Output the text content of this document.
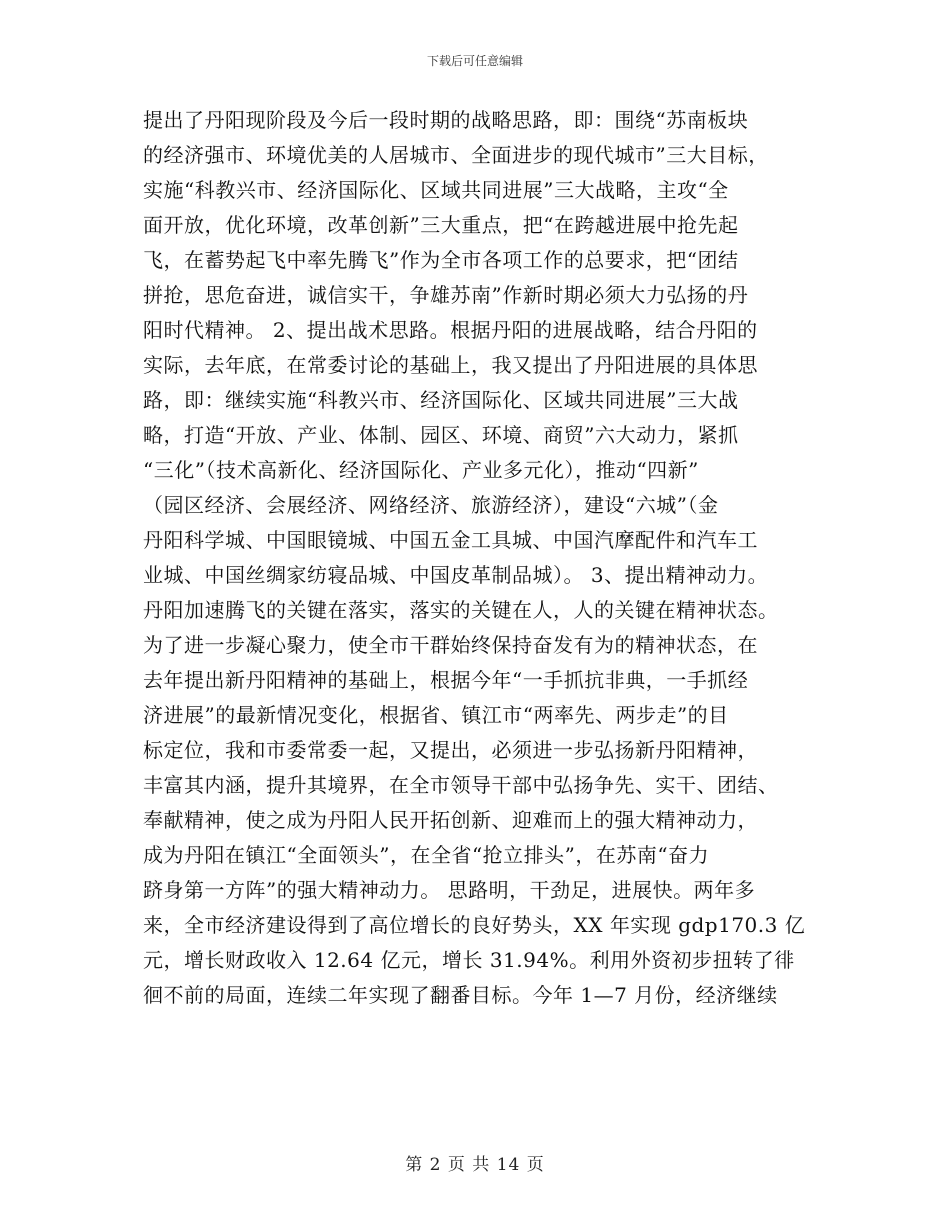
下载后可任意编辑
提出了丹阳现阶段及今后一段时期的战略思路，即：围绕“苏南板块
的经济强市、环境优美的人居城市、全面进步的现代城市”三大目标，
实施“科教兴市、经济国际化、区域共同进展”三大战略，主攻“全
面开放，优化环境，改革创新”三大重点，把“在跨越进展中抢先起
飞，在蓄势起飞中率先腾飞”作为全市各项工作的总要求，把“团结
拼抢，思危奋进，诚信实干，争雄苏南”作新时期必须大力弘扬的丹
阳时代精神。 2、提出战术思路。根据丹阳的进展战略，结合丹阳的
实际，去年底，在常委讨论的基础上，我又提出了丹阳进展的具体思
路，即：继续实施“科教兴市、经济国际化、区域共同进展”三大战
略，打造“开放、产业、体制、园区、环境、商贸”六大动力，紧抓
“三化”（技术高新化、经济国际化、产业多元化），推动“四新”
（园区经济、会展经济、网络经济、旅游经济），建设“六城”（金
丹阳科学城、中国眼镜城、中国五金工具城、中国汽摩配件和汽车工
业城、中国丝绸家纺寝品城、中国皮革制品城）。 3、提出精神动力。
丹阳加速腾飞的关键在落实，落实的关键在人，人的关键在精神状态。
为了进一步凝心聚力，使全市干群始终保持奋发有为的精神状态，在
去年提出新丹阳精神的基础上，根据今年“一手抓抗非典，一手抓经
济进展”的最新情况变化，根据省、镇江市“两率先、两步走”的目
标定位，我和市委常委一起，又提出，必须进一步弘扬新丹阳精神，
丰富其内涵，提升其境界，在全市领导干部中弘扬争先、实干、团结、
奉献精神，使之成为丹阳人民开拓创新、迎难而上的强大精神动力，
成为丹阳在镇江“全面领头”，在全省“抢立排头”，在苏南“奋力
跻身第一方阵”的强大精神动力。 思路明，干劲足，进展快。两年多
来，全市经济建设得到了高位增长的良好势头，XX 年实现 gdp170.3 亿
元，增长财政收入 12.64 亿元，增长 31.94%。利用外资初步扭转了徘
徊不前的局面，连续二年实现了翻番目标。今年 1—7 月份，经济继续
第 2 页 共 14 页
